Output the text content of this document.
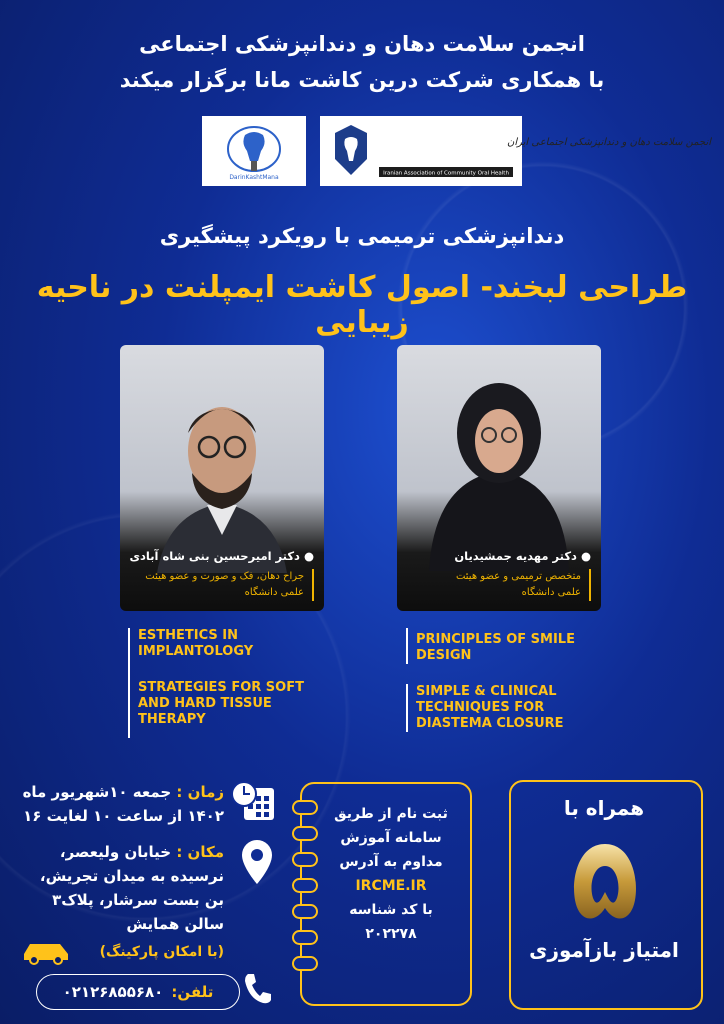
انجمن سلامت دهان و دندانپزشکی اجتماعی
با همکاری شرکت درین کاشت مانا برگزار میکند
DarinKashtMana
انجمن سلامت دهان و دندانپزشکی اجتماعی ایران
Iranian Association of Community Oral Health
دندانپزشکی ترمیمی با رویکرد پیشگیری
طراحی لبخند- اصول کاشت ایمپلنت در ناحیه زیبایی
● دکتر امیرحسین بنی شاه آبادی
جراح دهان، فک و صورت و عضو هیئت
علمی دانشگاه
● دکتر مهدیه جمشیدیان
متخصص ترمیمی و عضو هیئت
علمی دانشگاه
ESTHETICS IN
IMPLANTOLOGY
STRATEGIES FOR SOFT
AND HARD TISSUE
THERAPY
PRINCIPLES OF SMILE
DESIGN
SIMPLE & CLINICAL
TECHNIQUES FOR
DIASTEMA CLOSURE
زمان : جمعه ۱۰شهریور ماه
۱۴۰۲ از ساعت ۱۰ لغایت ۱۶
مکان : خیابان ولیعصر،
نرسیده به میدان تجریش،
بن بست سرشار، پلاک۳
سالن همایش
(با امکان پارکینگ)
تلفن:
۰۲۱۲۶۸۵۵۶۸۰
ثبت نام از طریق
سامانه آموزش
مداوم به آدرس
IRCME.IR
با کد شناسه
۲۰۲۲۷۸
همراه با
امتیاز بازآموزی
